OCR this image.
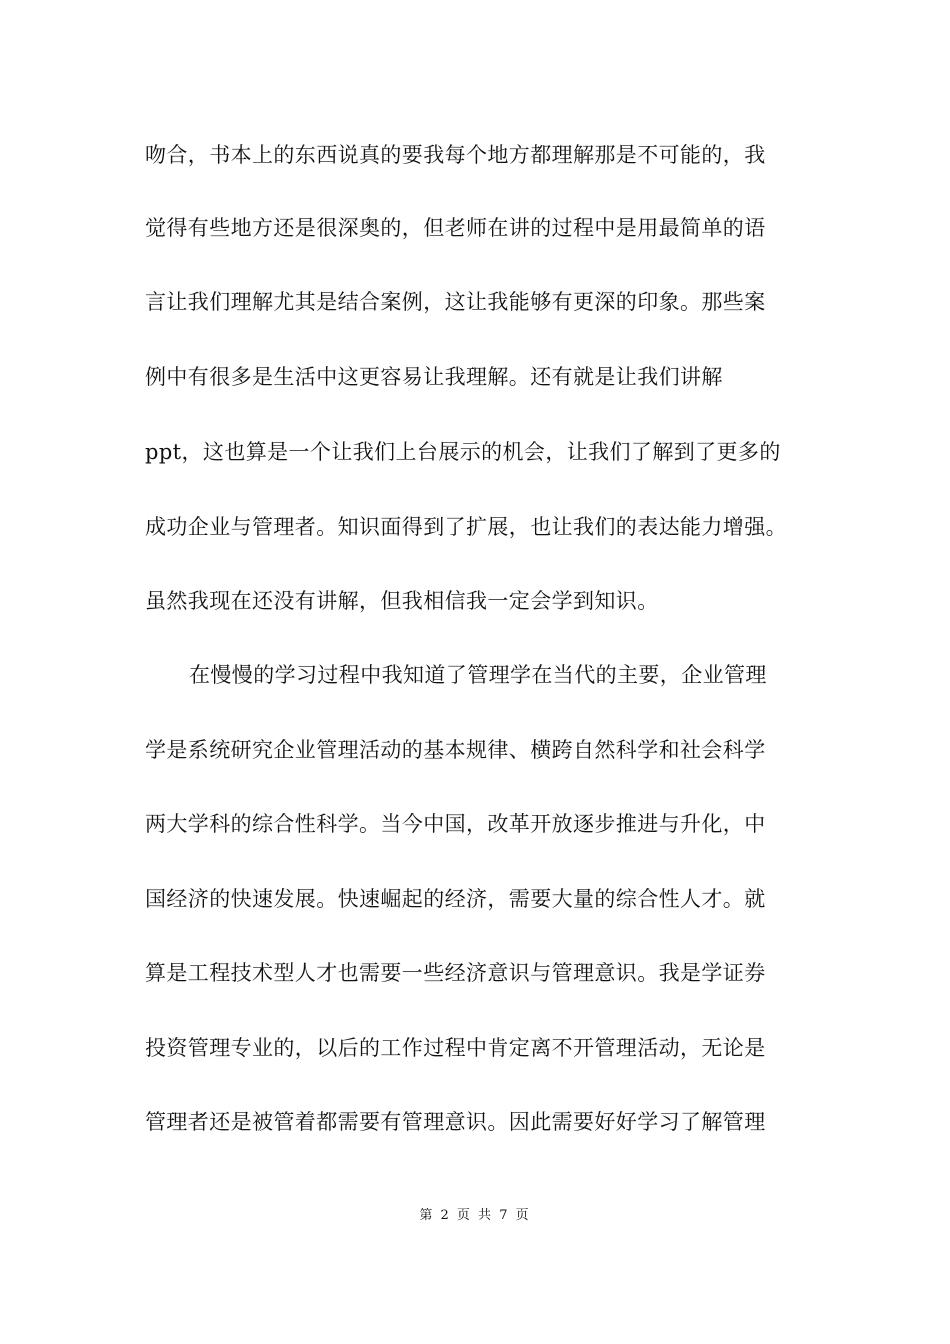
吻合，书本上的东西说真的要我每个地方都理解那是不可能的，我
觉得有些地方还是很深奥的，但老师在讲的过程中是用最简单的语
言让我们理解尤其是结合案例，这让我能够有更深的印象。那些案
例中有很多是生活中这更容易让我理解。还有就是让我们讲解
ppt，这也算是一个让我们上台展示的机会，让我们了解到了更多的
成功企业与管理者。知识面得到了扩展，也让我们的表达能力增强。
虽然我现在还没有讲解，但我相信我一定会学到知识。
在慢慢的学习过程中我知道了管理学在当代的主要，企业管理
学是系统研究企业管理活动的基本规律、横跨自然科学和社会科学
两大学科的综合性科学。当今中国，改革开放逐步推进与升化，中
国经济的快速发展。快速崛起的经济，需要大量的综合性人才。就
算是工程技术型人才也需要一些经济意识与管理意识。我是学证券
投资管理专业的，以后的工作过程中肯定离不开管理活动，无论是
管理者还是被管着都需要有管理意识。因此需要好好学习了解管理
第 2 页 共 7 页
